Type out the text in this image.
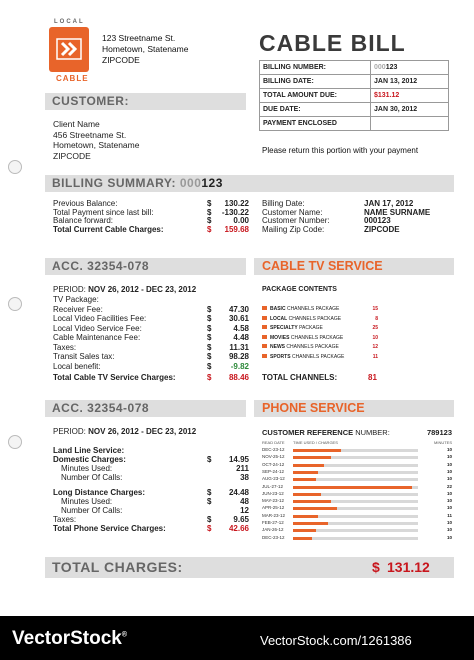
LOCAL
CABLE
123 Streetname St.
Hometown, Statename
ZIPCODE
CABLE BILL
BILLING NUMBER:	000123
BILLING DATE:	JAN 13, 2012
TOTAL AMOUNT DUE:	$131.12
DUE DATE:	JAN 30, 2012
PAYMENT ENCLOSED	
Please return this portion with your payment
CUSTOMER:
Client Name
456 Streetname St.
Hometown, Statename
ZIPCODE
BILLING SUMMARY: 000123
Previous Balance:	$ 130.22
Total Payment since last bill:	$ -130.22
Balance forward:	$	0.00
Total Current Cable Charges:	$ 159.68
Billing Date:	JAN 17, 2012
Customer Name:	NAME SURNAME
Customer Number:	000123
Mailing Zip Code:	ZIPCODE
ACC. 32354-078	CABLE TV SERVICE
PERIOD: NOV 26, 2012 - DEC 23, 2012
TV Package:
Receiver Fee:	$ 47.30
Local Video Facilities Fee:	$ 30.61
Local Video Service Fee:	$	4.58
Cable Maintenance Fee:	$	4.48
Taxes:	$ 11.31
Transit Sales tax:	$ 98.28
Local benefit:	$ -9.82
Total Cable TV Service Charges:	$ 88.46
PACKAGE CONTENTS
BASIC CHANNELS PACKAGE	15
LOCAL CHANNELS PACKAGE	8
SPECIALTY PACKAGE	25
MOVIES CHANNELS PACKAGE	10
NEWS CHANNELS PACKAGE	12
SPORTS CHANNELS PACKAGE	11
TOTAL CHANNELS:	81
ACC. 32354-078	PHONE SERVICE
PERIOD: NOV 26, 2012 - DEC 23, 2012
Land Line Service:
Domestic Charges:	$ 14.95
Minutes Used:	211
Number Of Calls:	38
Long Distance Charges:	$ 24.48
Minutes Used:	$	48
Number Of Calls:	12
Taxes:	$	9.65
Total Phone Service Charges:	$ 42.66
CUSTOMER REFERENCE NUMBER:	789123
READ DATE TIME USED / CHARGES	MINUTES
DEC-23-12	10
NOV-25-12	10
OCT-24-12	10
SEP-24-12	10
AUG-23-12	10
JUL-27-12	22
JUN-23-12	10
MAY-23-12	10
APR-25-12	10
MAR-23-12	11
FEB-27-12	10
JAN-26-12	10
DEC-23-12	10
TOTAL CHARGES:	$ 131.12
VectorStock®	VectorStock.com/1261386
